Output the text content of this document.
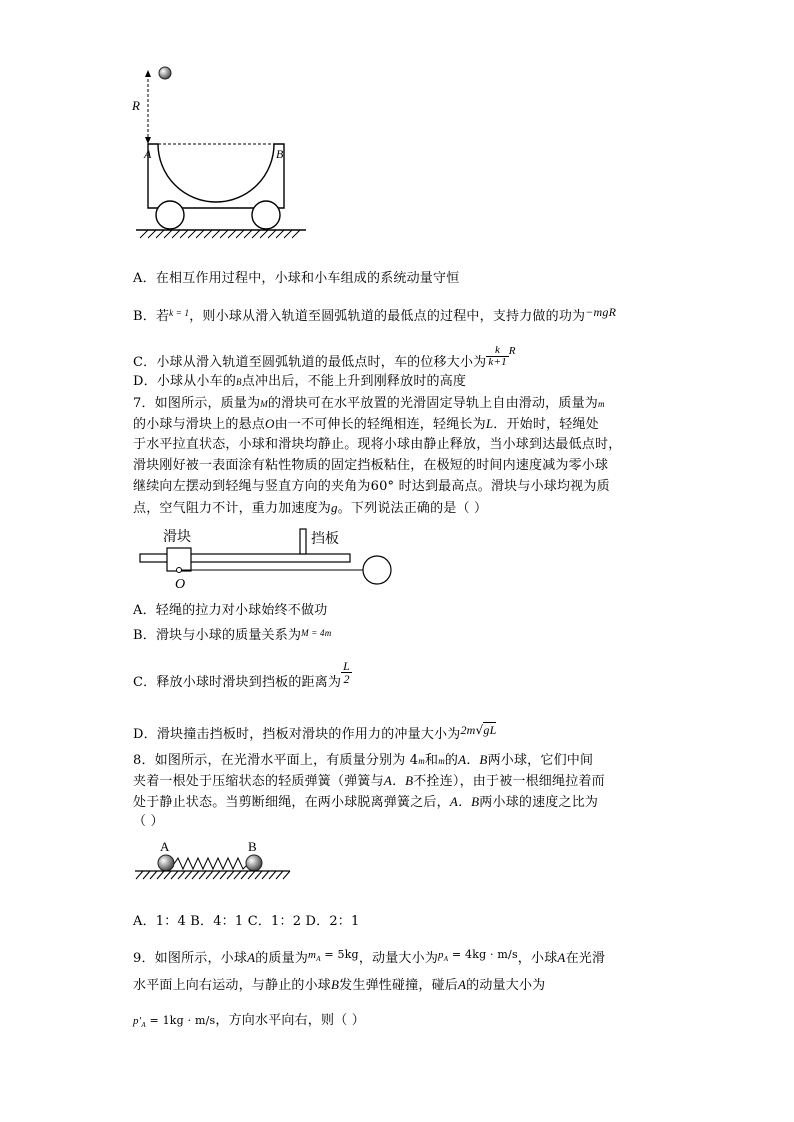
R
A	B
A．在相互作用过程中，小球和小车组成的系统动量守恒
B．若$^{k = 1}$，则小球从滑入轨道至圆弧轨道的最低点的过程中，支持力做的功为−mgR
C．小球从滑入轨道至圆弧轨道的最低点时，车的位移大小为 $\frac{k}{k+1} ^R$
D．小球从小车的B点冲出后，不能上升到刚释放时的高度
7．如图所示，质量为M的滑块可在水平放置的光滑固定导轨上自由滑动，质量为m
的小球与滑块上的悬点O由一不可伸长的轻绳相连，轻绳长为L．开始时，轻绳处
于水平拉直状态，小球和滑块均静止。现将小球由静止释放，当小球到达最低点时，
滑块刚好被一表面涂有粘性物质的固定挡板粘住，在极短的时间内速度减为零小球
继续向左摆动到轻绳与竖直方向的夹角为60° 时达到最高点。滑块与小球均视为质
点，空气阻力不计，重力加速度为g。下列说法正确的是（ ）
滑块	挡板
O
A．轻绳的拉力对小球始终不做功
B．滑块与小球的质量关系为$^{M = 4m}$
C．释放小球时滑块到挡板的距离为 $\frac{L}{2}$
D．滑块撞击挡板时，挡板对滑块的作用力的冲量大小为2m√gL
8．如图所示，在光滑水平面上，有质量分别为 4m和m的A．B两小球，它们中间
夹着一根处于压缩状态的轻质弹簧（弹簧与A．B不拴连），由于被一根细绳拉着而
处于静止状态。当剪断细绳，在两小球脱离弹簧之后，A．B两小球的速度之比为
（ ）
A	B
A．1：4 B．4：1 C．1：2 D．2：1
9．如图所示，小球A的质量为$^{m_A = 5kg}$，动量大小为$^{p_A = 4kg \cdot m/s}$，小球A在光滑
水平面上向右运动，与静止的小球B发生弹性碰撞，碰后A的动量大小为
$p'_A = 1kg \cdot m/s$，方向水平向右，则（ ）
